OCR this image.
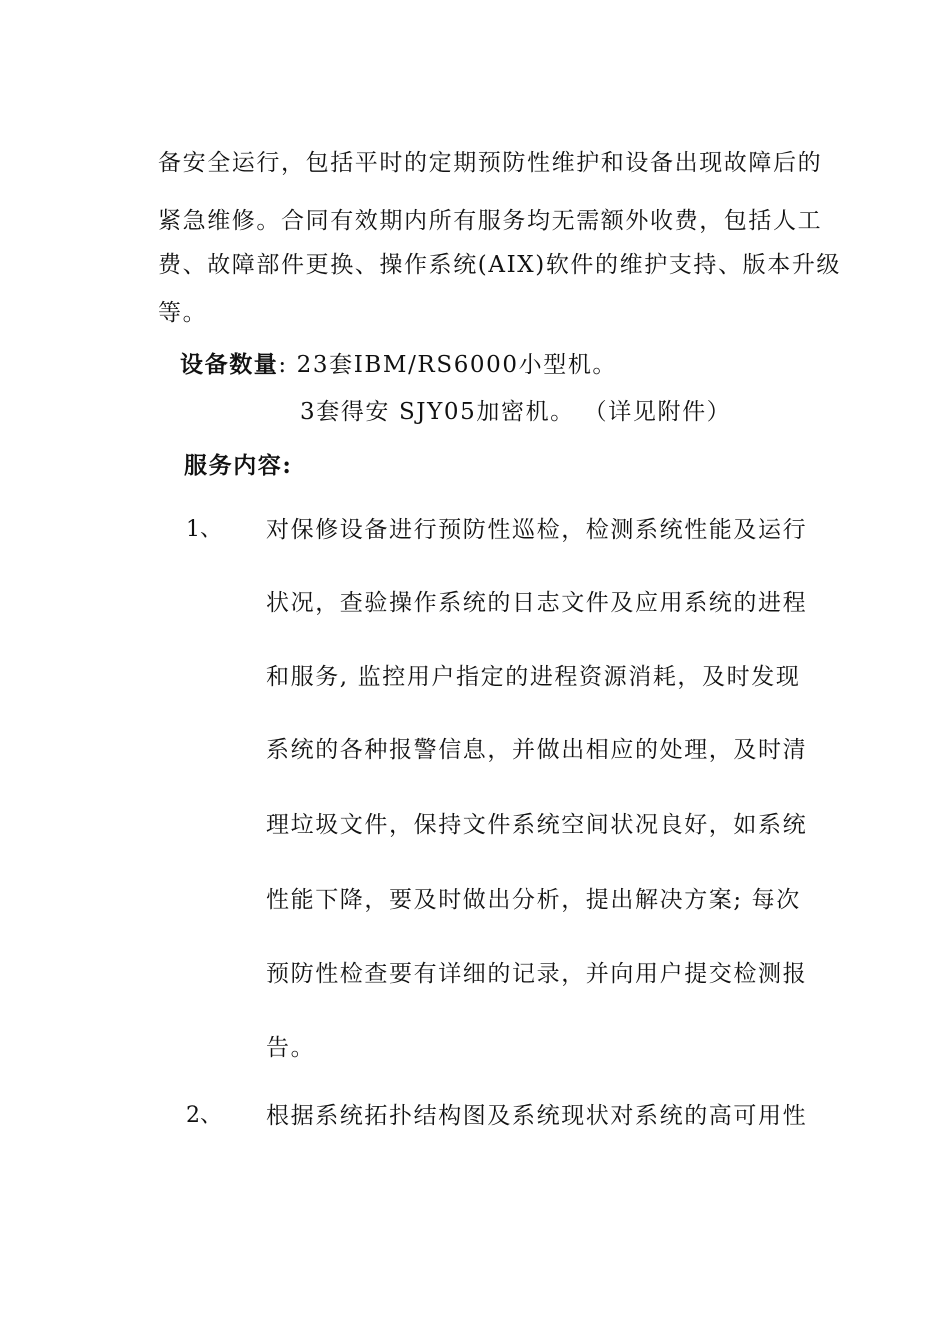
备安全运行，包括平时的定期预防性维护和设备出现故障后的
紧急维修。合同有效期内所有服务均无需额外收费，包括人工
费、故障部件更换、操作系统(AIX)软件的维护支持、版本升级
等。
设备数量: 23套IBM/RS6000小型机。
3套得安 SJY05加密机。 （详见附件）
服务内容:
1、 对保修设备进行预防性巡检，检测系统性能及运行
状况，查验操作系统的日志文件及应用系统的进程
和服务, 监控用户指定的进程资源消耗，及时发现
系统的各种报警信息，并做出相应的处理，及时清
理垃圾文件，保持文件系统空间状况良好，如系统
性能下降，要及时做出分析，提出解决方案; 每次
预防性检查要有详细的记录，并向用户提交检测报
告。
2、 根据系统拓扑结构图及系统现状对系统的高可用性
